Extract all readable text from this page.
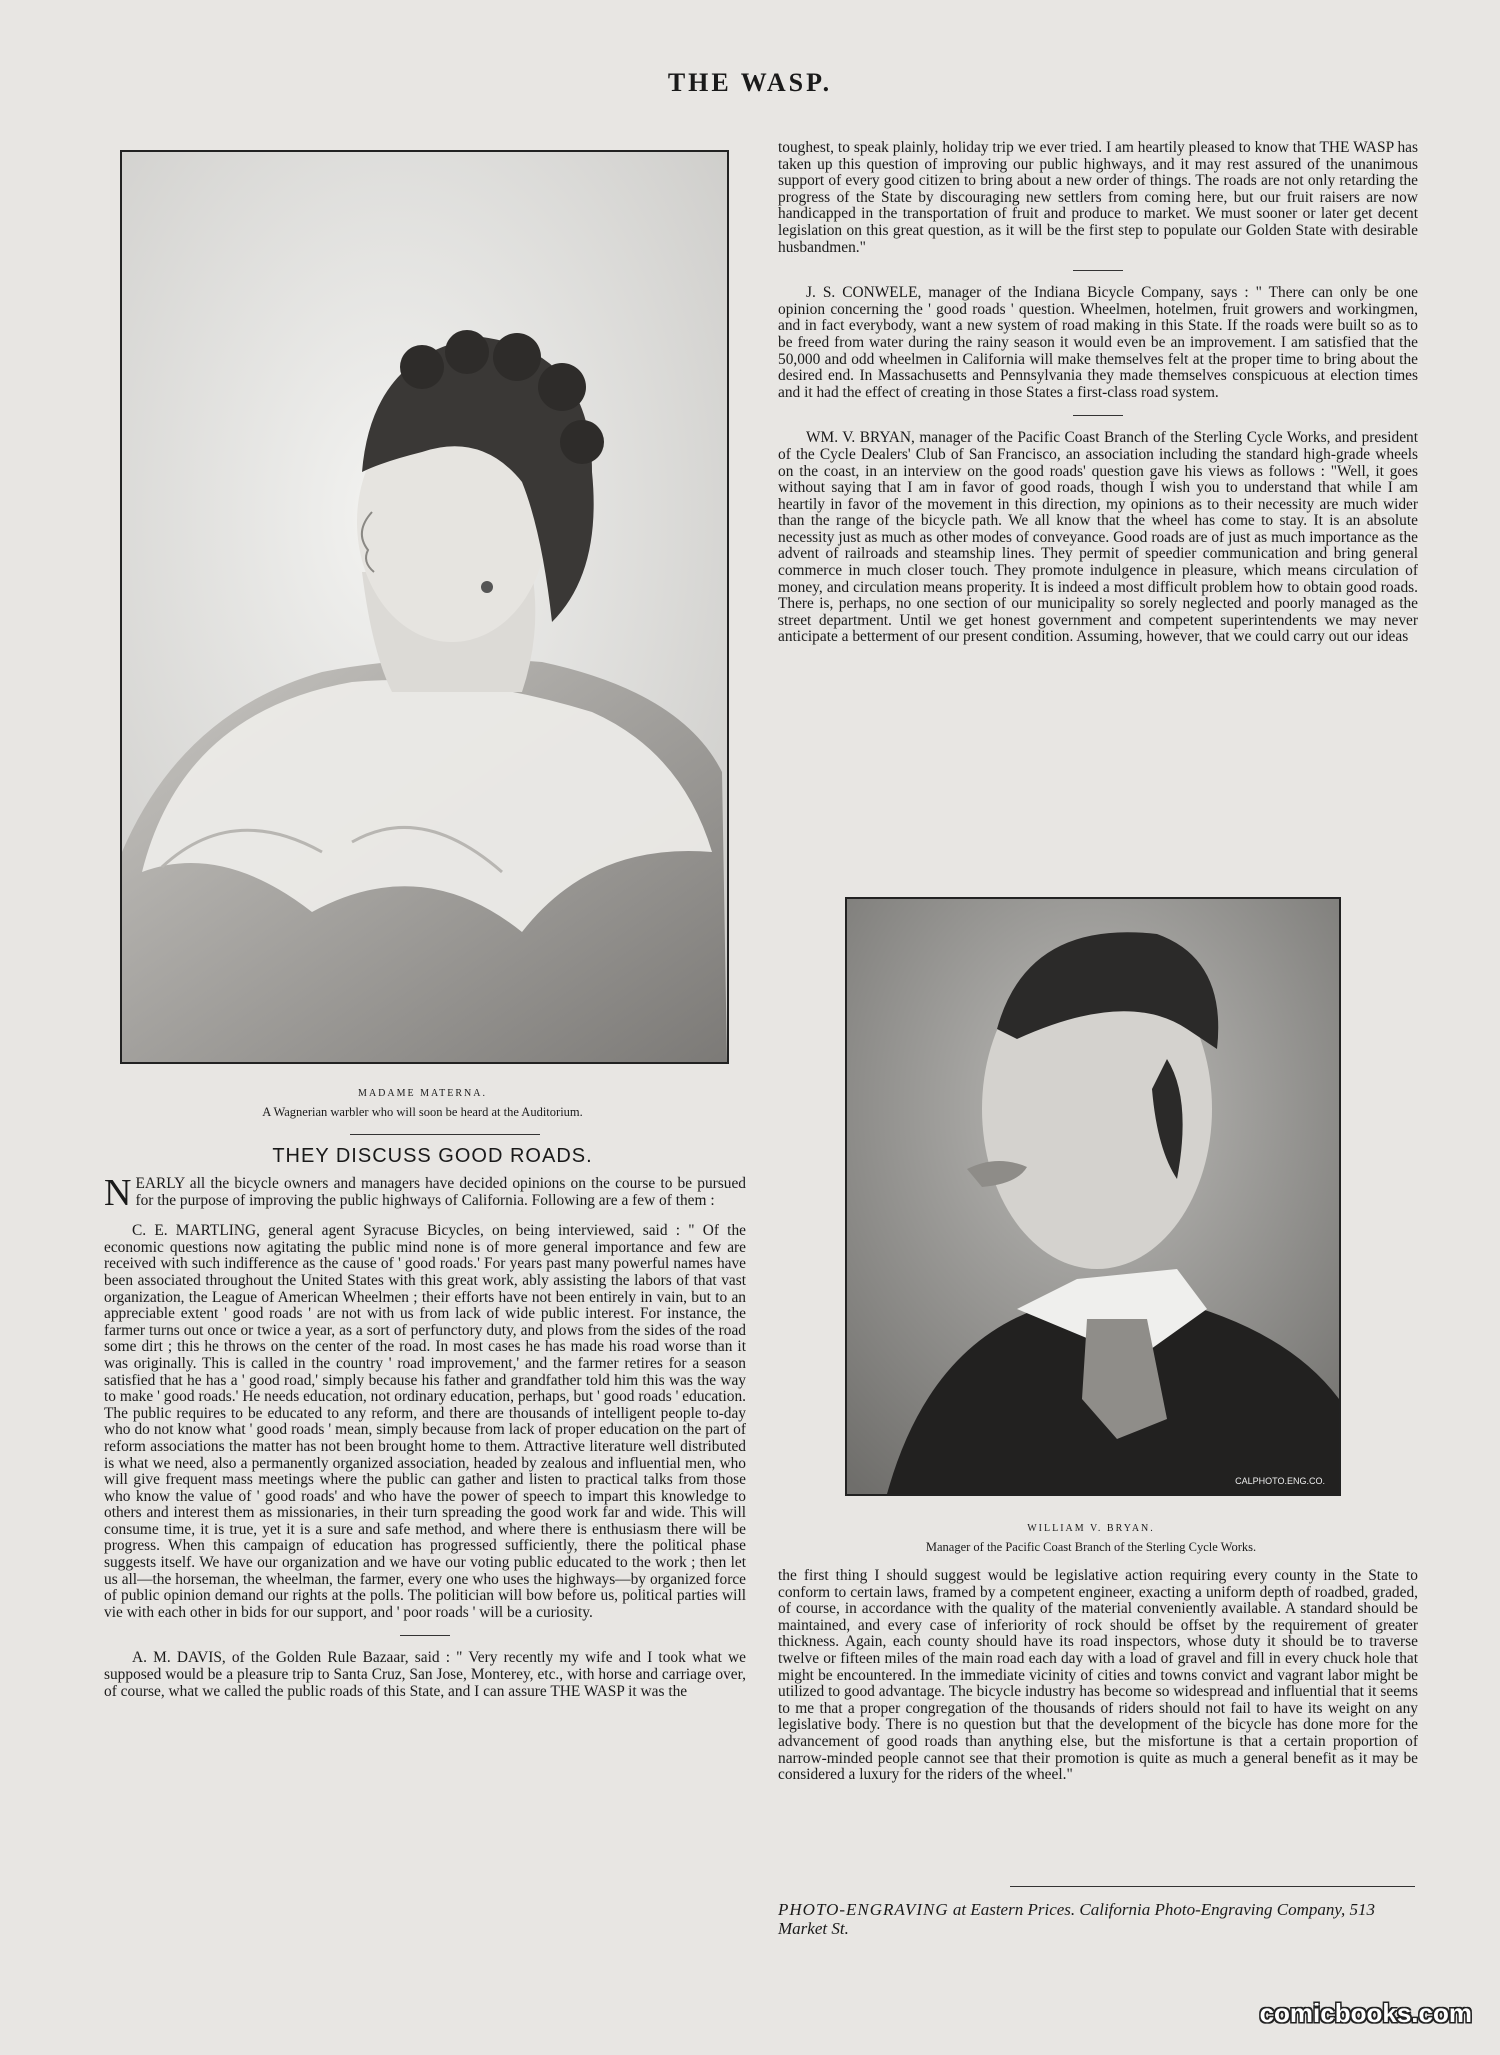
THE WASP.
MADAME MATERNA.
A Wagnerian warbler who will soon be heard at the Auditorium.
THEY DISCUSS GOOD ROADS.

NEARLY all the bicycle owners and managers have decided opinions on the course to be pursued for the purpose of improving the public highways of California. Following are a few of them :

C. E. MARTLING, general agent Syracuse Bicycles, on being interviewed, said : " Of the economic questions now agitating the public mind none is of more general importance and few are received with such indifference as the cause of ' good roads.' For years past many powerful names have been associated throughout the United States with this great work, ably assisting the labors of that vast organization, the League of American Wheelmen ; their efforts have not been entirely in vain, but to an appreciable extent ' good roads ' are not with us from lack of wide public interest. For instance, the farmer turns out once or twice a year, as a sort of perfunctory duty, and plows from the sides of the road some dirt ; this he throws on the center of the road. In most cases he has made his road worse than it was originally. This is called in the country ' road improvement,' and the farmer retires for a season satisfied that he has a ' good road,' simply because his father and grandfather told him this was the way to make ' good roads.' He needs education, not ordinary education, perhaps, but ' good roads ' education. The public requires to be educated to any reform, and there are thousands of intelligent people to-day who do not know what ' good roads ' mean, simply because from lack of proper education on the part of reform associations the matter has not been brought home to them. Attractive literature well distributed is what we need, also a permanently organized association, headed by zealous and influential men, who will give frequent mass meetings where the public can gather and listen to practical talks from those who know the value of ' good roads' and who have the power of speech to impart this knowledge to others and interest them as missionaries, in their turn spreading the good work far and wide. This will consume time, it is true, yet it is a sure and safe method, and where there is enthusiasm there will be progress. When this campaign of education has progressed sufficiently, there the political phase suggests itself. We have our organization and we have our voting public educated to the work ; then let us all—the horseman, the wheelman, the farmer, every one who uses the highways—by organized force of public opinion demand our rights at the polls. The politician will bow before us, political parties will vie with each other in bids for our support, and ' poor roads ' will be a curiosity.

A. M. DAVIS, of the Golden Rule Bazaar, said : " Very recently my wife and I took what we supposed would be a pleasure trip to Santa Cruz, San Jose, Monterey, etc., with horse and carriage over, of course, what we called the public roads of this State, and I can assure THE WASP it was the

toughest, to speak plainly, holiday trip we ever tried. I am heartily pleased to know that THE WASP has taken up this question of improving our public highways, and it may rest assured of the unanimous support of every good citizen to bring about a new order of things. The roads are not only retarding the progress of the State by discouraging new settlers from coming here, but our fruit raisers are now handicapped in the transportation of fruit and produce to market. We must sooner or later get decent legislation on this great question, as it will be the first step to populate our Golden State with desirable husbandmen."

J. S. CONWELE, manager of the Indiana Bicycle Company, says : " There can only be one opinion concerning the ' good roads ' question. Wheelmen, hotelmen, fruit growers and workingmen, and in fact everybody, want a new system of road making in this State. If the roads were built so as to be freed from water during the rainy season it would even be an improvement. I am satisfied that the 50,000 and odd wheelmen in California will make themselves felt at the proper time to bring about the desired end. In Massachusetts and Pennsylvania they made themselves conspicuous at election times and it had the effect of creating in those States a first-class road system.

WM. V. BRYAN, manager of the Pacific Coast Branch of the Sterling Cycle Works, and president of the Cycle Dealers' Club of San Francisco, an association including the standard high-grade wheels on the coast, in an interview on the good roads' question gave his views as follows : "Well, it goes without saying that I am in favor of good roads, though I wish you to understand that while I am heartily in favor of the movement in this direction, my opinions as to their necessity are much wider than the range of the bicycle path. We all know that the wheel has come to stay. It is an absolute necessity just as much as other modes of conveyance. Good roads are of just as much importance as the advent of railroads and steamship lines. They permit of speedier communication and bring general commerce in much closer touch. They promote indulgence in pleasure, which means circulation of money, and circulation means properity. It is indeed a most difficult problem how to obtain good roads. There is, perhaps, no one section of our municipality so sorely neglected and poorly managed as the street department. Until we get honest government and competent superintendents we may never anticipate a betterment of our present condition. Assuming, however, that we could carry out our ideas

CALPHOTO.ENG.CO.
WILLIAM V. BRYAN.
Manager of the Pacific Coast Branch of the Sterling Cycle Works.

the first thing I should suggest would be legislative action requiring every county in the State to conform to certain laws, framed by a competent engineer, exacting a uniform depth of roadbed, graded, of course, in accordance with the quality of the material conveniently available. A standard should be maintained, and every case of inferiority of rock should be offset by the requirement of greater thickness. Again, each county should have its road inspectors, whose duty it should be to traverse twelve or fifteen miles of the main road each day with a load of gravel and fill in every chuck hole that might be encountered. In the immediate vicinity of cities and towns convict and vagrant labor might be utilized to good advantage. The bicycle industry has become so widespread and influential that it seems to me that a proper congregation of the thousands of riders should not fail to have its weight on any legislative body. There is no question but that the development of the bicycle has done more for the advancement of good roads than anything else, but the misfortune is that a certain proportion of narrow-minded people cannot see that their promotion is quite as much a general benefit as it may be considered a luxury for the riders of the wheel."

PHOTO-ENGRAVING at Eastern Prices. California Photo-Engraving Company, 513 Market St.
comicbooks.com
